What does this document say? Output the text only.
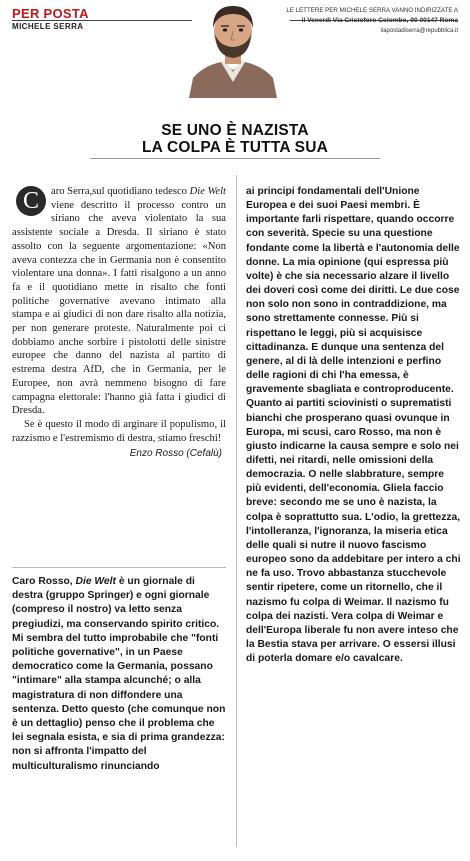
PER POSTA
MICHELE SERRA
LE LETTERE PER MICHELE SERRA VANNO INDIRIZZATE A
il Venerdì Via Cristoforo Colombo, 90 00147 Roma
ilapostadiserra@repubblica.it
SE UNO È NAZISTA
LA COLPA È TUTTA SUA

C	aro Serra,sul quotidiano tedesco Die Welt viene descritto il processo contro un siriano che aveva violentato la sua assistente sociale a Dresda. Il siriano è stato assolto con la seguente argomentazione: «Non aveva contezza che in Germania non è consentito violentare una donna». I fatti risalgono a un anno fa e il quotidiano mette in risalto che fonti politiche governative avevano intimato alla stampa e ai giudici di non dare risalto alla notizia, per non generare proteste. Naturalmente poi ci dobbiamo anche sorbire i pistolotti delle sinistre europee che danno del nazista al partito di estrema destra AfD, che in Germania, per le Europee, non avrà nemmeno bisogno di fare campagna elettorale: l'hanno già fatta i giudici di Dresda.

Se è questo il modo di arginare il populismo, il razzismo e l'estremismo di destra, stiamo freschi!

Enzo Rosso (Cefalù)

Caro Rosso, Die Welt è un giornale di destra (gruppo Springer) e ogni giornale (compreso il nostro) va letto senza pregiudizi, ma conservando spirito critico. Mi sembra del tutto improbabile che "fonti politiche governative", in un Paese democratico come la Germania, possano "intimare" alla stampa alcunché; o alla magistratura di non diffondere una sentenza. Detto questo (che comunque non è un dettaglio) penso che il problema che lei segnala esista, e sia di prima grandezza: non si affronta l'impatto del multiculturalismo rinunciando

ai principi fondamentali dell'Unione Europea e dei suoi Paesi membri. È importante farli rispettare, quando occorre con severità. Specie su una questione fondante come la libertà e l'autonomia delle donne. La mia opinione (qui espressa più volte) è che sia necessario alzare il livello dei doveri così come dei diritti. Le due cose non solo non sono in contraddizione, ma sono strettamente connesse. Più si rispettano le leggi, più si acquisisce cittadinanza. E dunque una sentenza del genere, al di là delle intenzioni e perfino delle ragioni di chi l'ha emessa, è gravemente sbagliata e controproducente. Quanto ai partiti sciovinisti o suprematisti bianchi che prosperano quasi ovunque in Europa, mi scusi, caro Rosso, ma non è giusto indicarne la causa sempre e solo nei difetti, nei ritardi, nelle omissioni della democrazia. O nelle slabbrature, sempre più evidenti, dell'economia. Gliela faccio breve: secondo me se uno è nazista, la colpa è soprattutto sua. L'odio, la grettezza, l'intolleranza, l'ignoranza, la miseria etica delle quali si nutre il nuovo fascismo europeo sono da addebitare per intero a chi ne fa uso. Trovo abbastanza stucchevole sentir ripetere, come un ritornello, che il nazismo fu colpa di Weimar. Il nazismo fu colpa dei nazisti. Vera colpa di Weimar e dell'Europa liberale fu non avere inteso che la Bestia stava per arrivare. O essersi illusi di poterla domare e/o cavalcare.
